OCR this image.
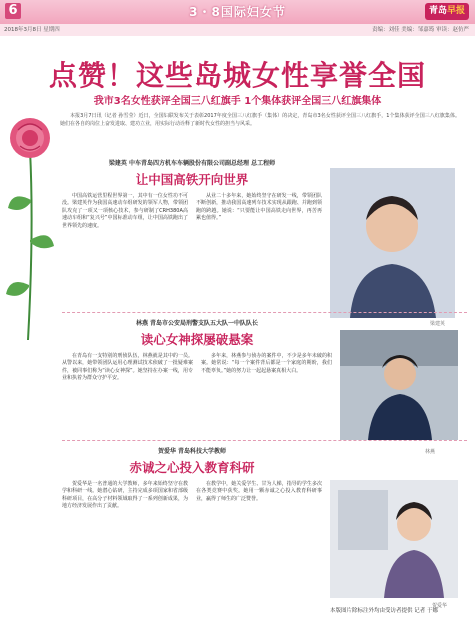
6	3・8国际妇女节	青岛早报
2018年3月8日 星期四	责编：刘佳 美编：邹嘉筠 审读：赵仿严
点赞！这些岛城女性享誉全国
我市3名女性获评全国三八红旗手 1个集体获评全国三八红旗集体

本报3月7日讯（记者 孙雪莹）近日，全国妇联发布关于表彰2017年度全国三八红旗手（集体）的决定，青岛市3名女性获评全国三八红旗手，1个集体获评全国三八红旗集体。她们在各自的岗位上奋发进取、建功立业，用实际行动诠释了新时代女性的担当与风采。

梁建英 中车青岛四方机车车辆股份有限公司副总经理 总工程师
让中国高铁开向世界

中国高铁运营里程世界第一，其中有一位女性功不可没。梁建英作为我国高速动车组研发的领军人物，带领团队攻克了一项又一项核心技术，参与研制了CRH380A高速动车组和“复兴号”中国标准动车组，让中国高铁跑出了世界领先的速度。

从业二十多年来，她始终坚守在研发一线，带领团队不断创新，推动我国高速列车技术实现从跟跑、并跑到领跑的跨越。她说：“只要能让中国高铁走向世界，再苦再累也值得。”

梁建英
林燕 青岛市公安局刑警支队五大队一中队队长
读心女神探屡破悬案

在青岛有一支特别的刑侦队伍，林燕就是其中的一员。从警以来，她带领团队运用心理测试技术侦破了一批疑难案件，被同事们称为“读心女神探”。她坚持在办案一线，用专业和执着为群众守护平安。

多年来，林燕参与侦办的案件中，不少是多年未破的积案。她常说：“每一个案件背后都是一个家庭的期盼，我们不能辜负。”她的努力让一起起悬案真相大白。

林燕
贺爱华 青岛科技大学教师
赤诚之心投入教育科研

贺爱华是一名普通的大学教师，多年来始终坚守在教学和科研一线。她潜心钻研，主持完成多项国家和省部级科研项目，在高分子材料领域取得了一系列创新成果，为地方经济发展作出了贡献。

在教学中，她关爱学生、甘为人梯，指导的学生多次在各类竞赛中获奖。她用一颗赤诚之心投入教育科研事业，赢得了师生的广泛赞誉。

贺爱华
本版图片除标注外均由受访者提供 记者 于娜
